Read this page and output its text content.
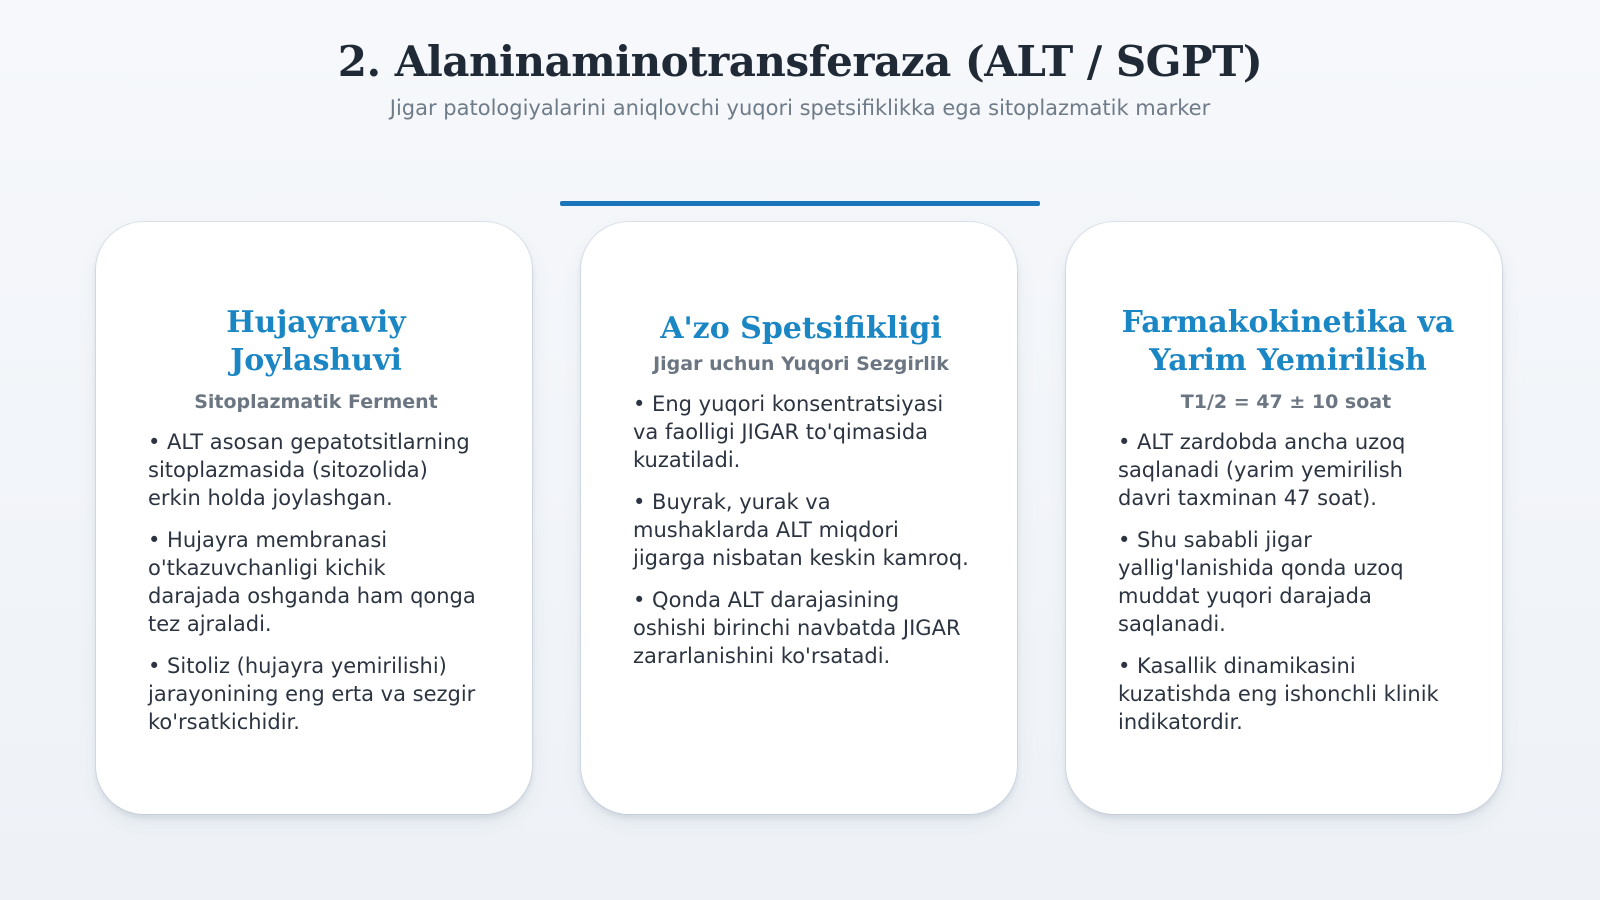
2. Alaninaminotransferaza (ALT / SGPT)
Jigar patologiyalarini aniqlovchi yuqori spetsifiklikka ega sitoplazmatik marker
Hujayraviy Joylashuvi
Sitoplazmatik Ferment
• ALT asosan gepatotsitlarning sitoplazmasida (sitozolida) erkin holda joylashgan.
• Hujayra membranasi o'tkazuvchanligi kichik darajada oshganda ham qonga tez ajraladi.
• Sitoliz (hujayra yemirilishi) jarayonining eng erta va sezgir ko'rsatkichidir.
A'zo Spetsifikligi
Jigar uchun Yuqori Sezgirlik
• Eng yuqori konsentratsiyasi va faolligi JIGAR to'qimasida kuzatiladi.
• Buyrak, yurak va mushaklarda ALT miqdori jigarga nisbatan keskin kamroq.
• Qonda ALT darajasining oshishi birinchi navbatda JIGAR zararlanishini ko'rsatadi.
Farmakokinetika va Yarim Yemirilish
T1/2 = 47 ± 10 soat
• ALT zardobda ancha uzoq saqlanadi (yarim yemirilish davri taxminan 47 soat).
• Shu sababli jigar yallig'lanishida qonda uzoq muddat yuqori darajada saqlanadi.
• Kasallik dinamikasini kuzatishda eng ishonchli klinik indikatordir.
